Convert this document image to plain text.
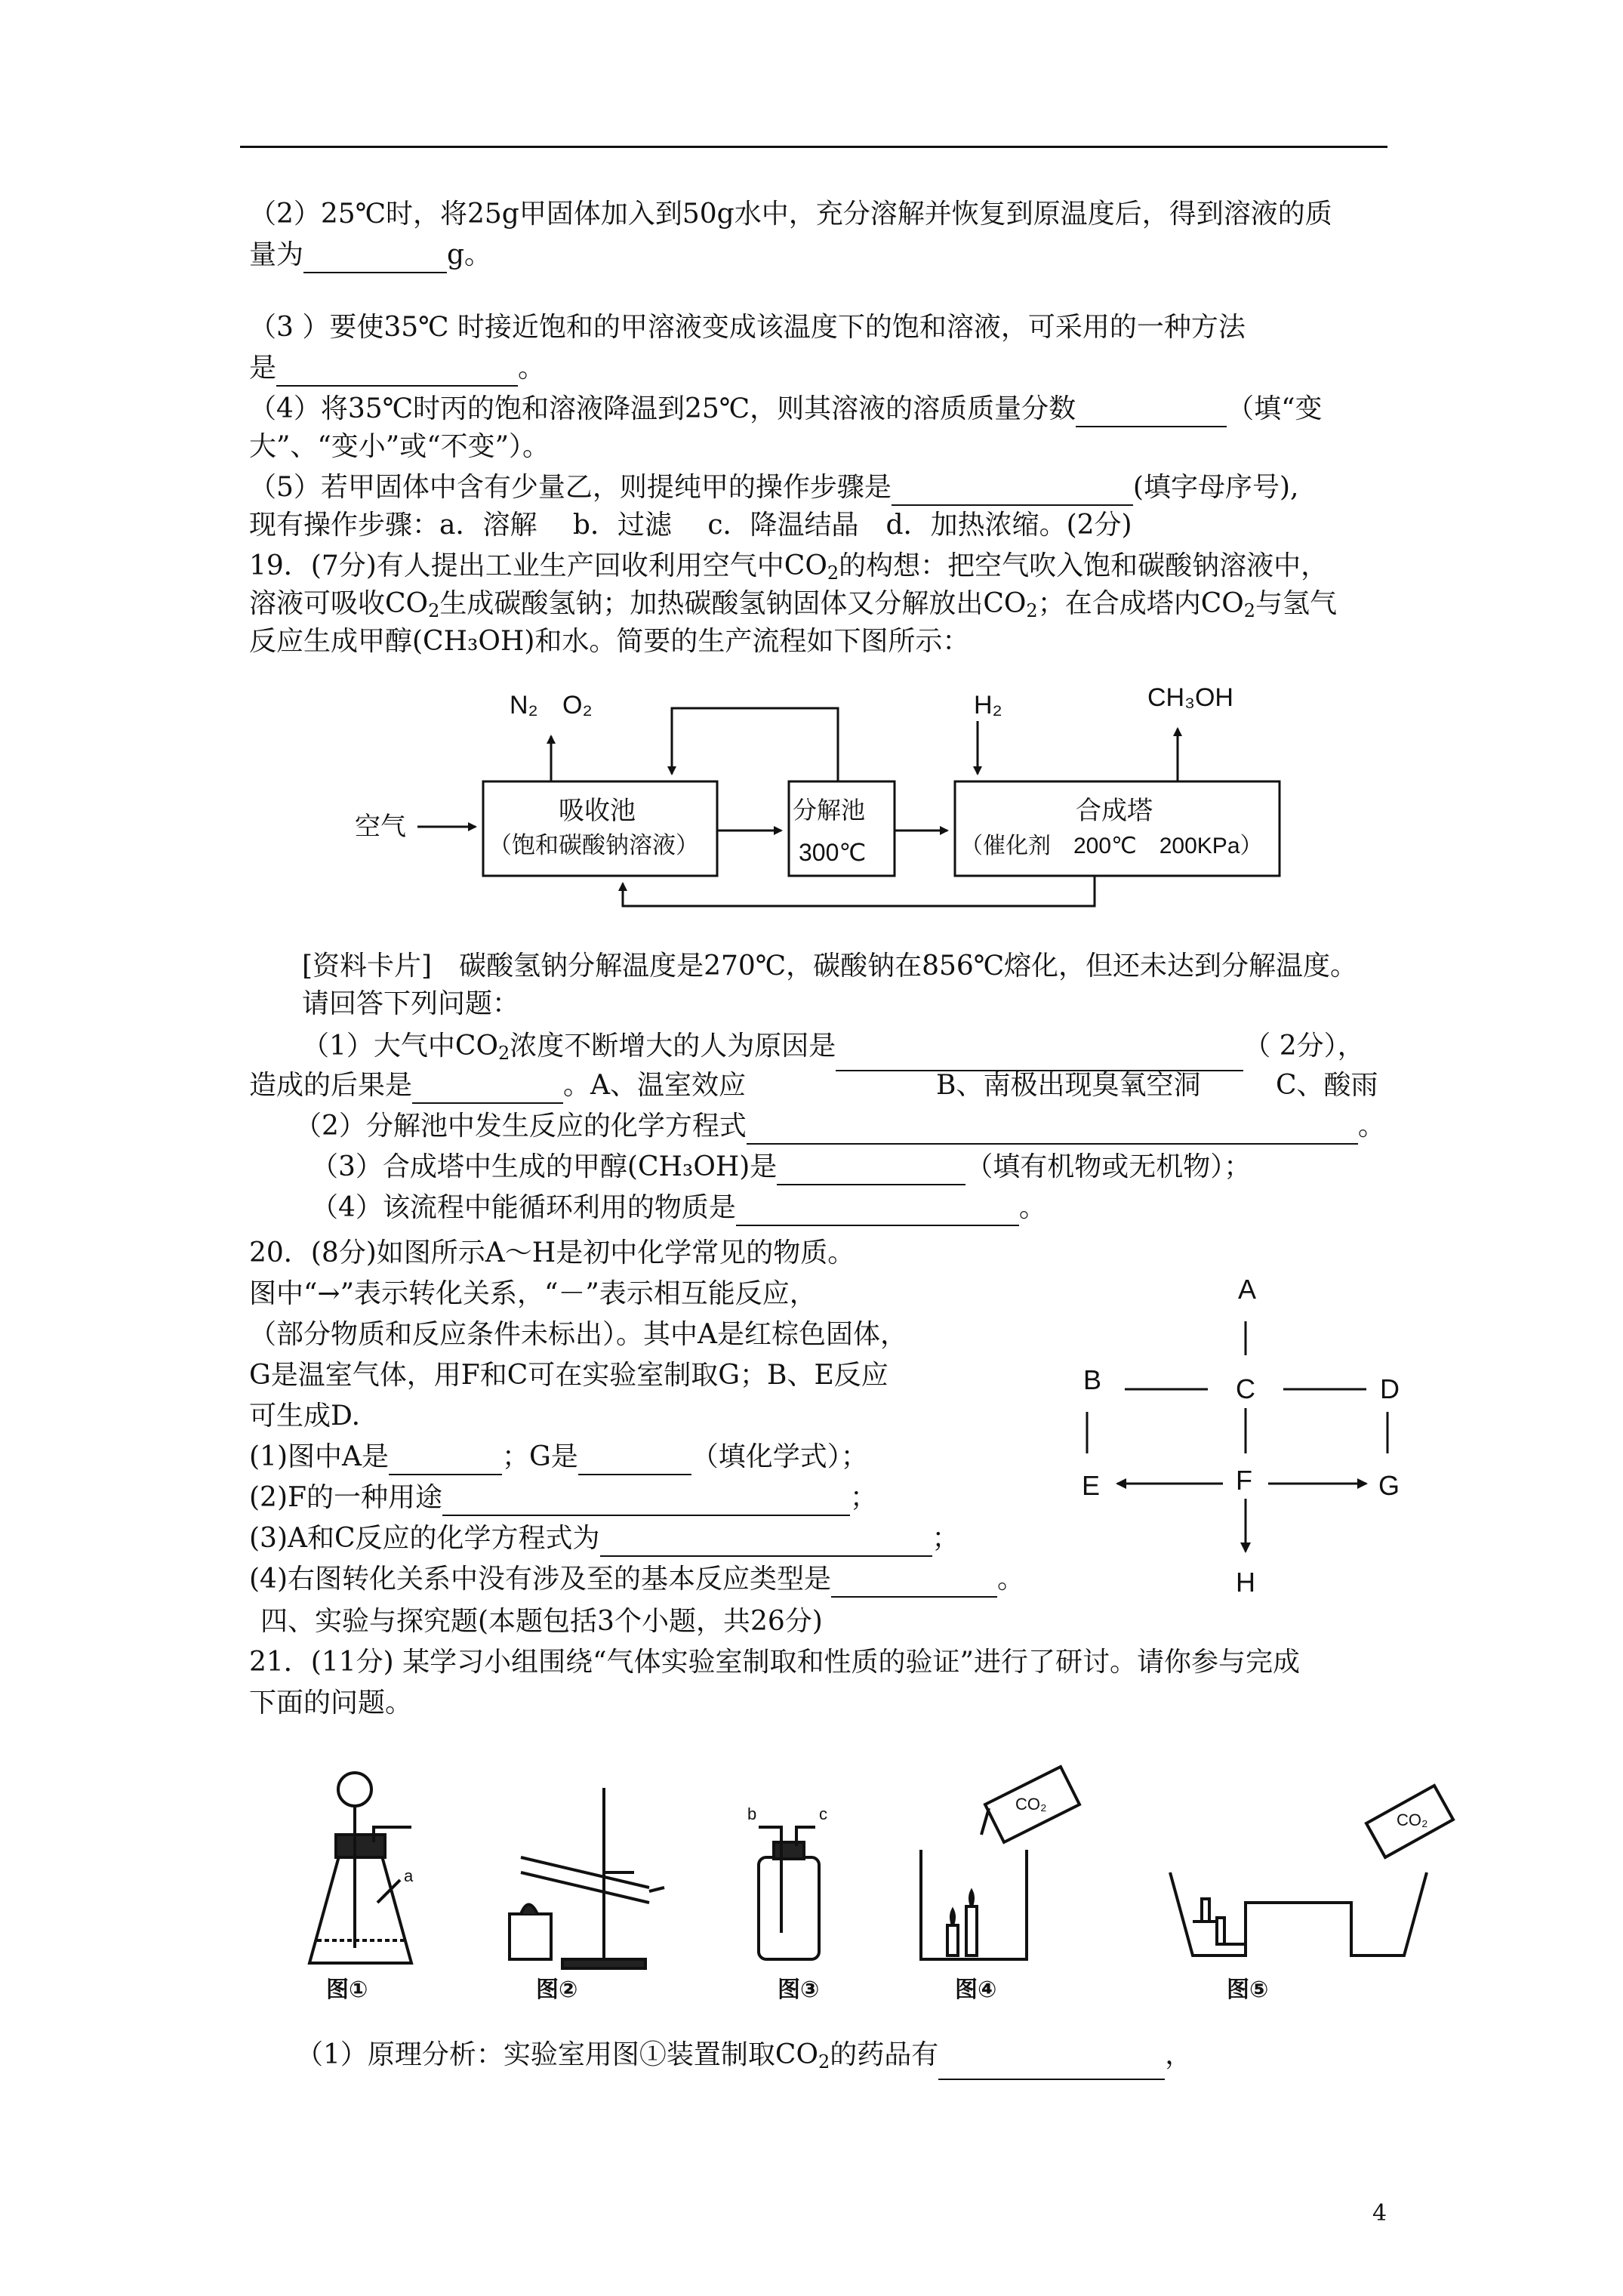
（2）25℃时，将25g甲固体加入到50g水中，充分溶解并恢复到原温度后，得到溶液的质
量为	g。
（3 ）要使35℃ 时接近饱和的甲溶液变成该温度下的饱和溶液，可采用的一种方法
是	。
（4）将35℃时丙的饱和溶液降温到25℃，则其溶液的溶质质量分数	（填“变
大”、“变小”或“不变”）。
（5）若甲固体中含有少量乙，则提纯甲的操作步骤是	(填字母序号),
现有操作步骤：a．溶解　 b．过滤　 c．降温结晶　d．加热浓缩。(2分)
19．(7分)有人提出工业生产回收利用空气中$CO_2$的构想：把空气吹入饱和碳酸钠溶液中，
溶液可吸收$CO_2$生成碳酸氢钠；加热碳酸氢钠固体又分解放出$CO_2$；在合成塔内$CO_2$与氢气
反应生成甲醇(CH₃OH)和水。简要的生产流程如下图所示：
空气
N₂ O₂
吸收池
（饱和碳酸钠溶液）
分解池
300℃
H₂	CH₃OH
合成塔
（催化剂　200℃　200KPa）
[资料卡片]　碳酸氢钠分解温度是270℃，碳酸钠在856℃熔化，但还未达到分解温度。
请回答下列问题：
（1）大气中$CO_2$浓度不断增大的人为原因是	（ 2分），
造成的后果是	。A、温室效应	B、南极出现臭氧空洞	C、酸雨
（2）分解池中发生反应的化学方程式	。
（3）合成塔中生成的甲醇(CH₃OH)是	（填有机物或无机物）；
（4）该流程中能循环利用的物质是	。
20．(8分)如图所示A～H是初中化学常见的物质。
图中“→”表示转化关系，“－”表示相互能反应，
（部分物质和反应条件未标出）。其中A是红棕色固体，
G是温室气体，用F和C可在实验室制取G；B、E反应
可生成D.
(1)图中A是	；G是	（填化学式）；
(2)F的一种用途	；
(3)A和C反应的化学方程式为	；
(4)右图转化关系中没有涉及至的基本反应类型是	。
A
B	C	D
E	F	G
H
四、实验与探究题(本题包括3个小题，共26分)
21．(11分) 某学习小组围绕“气体实验室制取和性质的验证”进行了研讨。请你参与完成
下面的问题。
图①	图②	图③	图④	图⑤
a
b	c
CO₂
CO₂
（1）原理分析：实验室用图①装置制取$CO_2$的药品有	，
4
